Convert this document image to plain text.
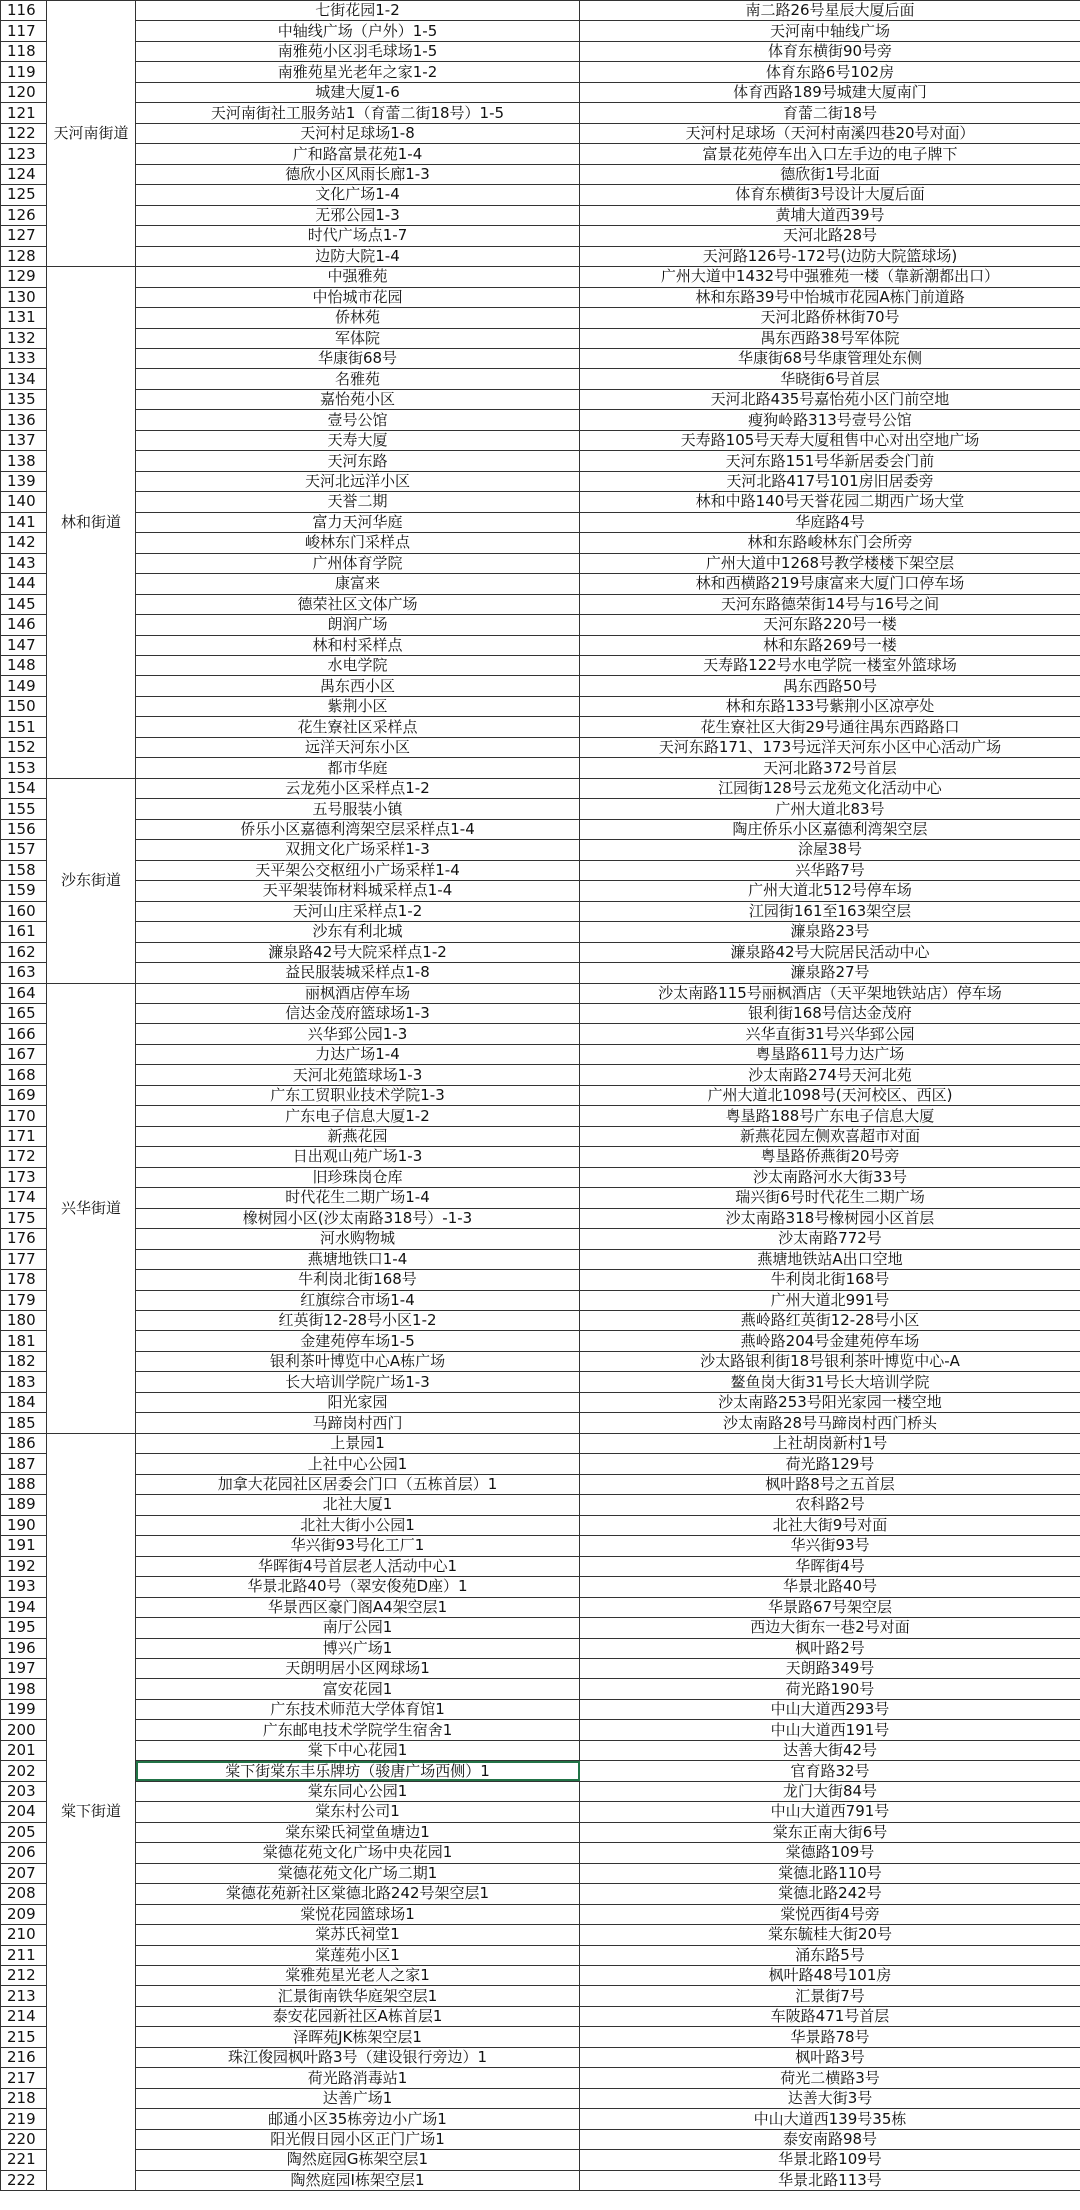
116	天河南街道	七街花园1-2	南二路26号星辰大厦后面
117		中轴线广场（户外）1-5	天河南中轴线广场
118		南雅苑小区羽毛球场1-5	体育东横街90号旁
119		南雅苑星光老年之家1-2	体育东路6号102房
120		城建大厦1-6	体育西路189号城建大厦南门
121		天河南街社工服务站1（育蕾二街18号）1-5	育蕾二街18号
122		天河村足球场1-8	天河村足球场（天河村南溪四巷20号对面）
123		广和路富景花苑1-4	富景花苑停车出入口左手边的电子牌下
124		德欣小区风雨长廊1-3	德欣街1号北面
125		文化广场1-4	体育东横街3号设计大厦后面
126		无邪公园1-3	黄埔大道西39号
127		时代广场点1-7	天河北路28号
128		边防大院1-4	天河路126号-172号(边防大院篮球场)
129	林和街道	中强雅苑	广州大道中1432号中强雅苑一楼（靠新潮都出口）
130		中怡城市花园	林和东路39号中怡城市花园A栋门前道路
131		侨林苑	天河北路侨林街70号
132		军体院	禺东西路38号军体院
133		华康街68号	华康街68号华康管理处东侧
134		名雅苑	华晓街6号首层
135		嘉怡苑小区	天河北路435号嘉怡苑小区门前空地
136		壹号公馆	瘦狗岭路313号壹号公馆
137		天寿大厦	天寿路105号天寿大厦租售中心对出空地广场
138		天河东路	天河东路151号华新居委会门前
139		天河北远洋小区	天河北路417号101房旧居委旁
140		天誉二期	林和中路140号天誉花园二期西广场大堂
141		富力天河华庭	华庭路4号
142		峻林东门采样点	林和东路峻林东门会所旁
143		广州体育学院	广州大道中1268号教学楼楼下架空层
144		康富来	林和西横路219号康富来大厦门口停车场
145		德荣社区文体广场	天河东路德荣街14号与16号之间
146		朗润广场	天河东路220号一楼
147		林和村采样点	林和东路269号一楼
148		水电学院	天寿路122号水电学院一楼室外篮球场
149		禺东西小区	禺东西路50号
150		紫荆小区	林和东路133号紫荆小区凉亭处
151		花生寮社区采样点	花生寮社区大街29号通往禺东西路路口
152		远洋天河东小区	天河东路171、173号远洋天河东小区中心活动广场
153		都市华庭	天河北路372号首层
154	沙东街道	云龙苑小区采样点1-2	江园街128号云龙苑文化活动中心
155		五号服装小镇	广州大道北83号
156		侨乐小区嘉德利湾架空层采样点1-4	陶庄侨乐小区嘉德利湾架空层
157		双拥文化广场采样1-3	涂屋38号
158		天平架公交枢纽小广场采样1-4	兴华路7号
159		天平架装饰材料城采样点1-4	广州大道北512号停车场
160		天河山庄采样点1-2	江园街161至163架空层
161		沙东有利北城	濂泉路23号
162		濂泉路42号大院采样点1-2	濂泉路42号大院居民活动中心
163		益民服装城采样点1-8	濂泉路27号
164	兴华街道	丽枫酒店停车场	沙太南路115号丽枫酒店（天平架地铁站店）停车场
165		信达金茂府篮球场1-3	银利街168号信达金茂府
166		兴华郅公园1-3	兴华直街31号兴华郅公园
167		力达广场1-4	粤垦路611号力达广场
168		天河北苑篮球场1-3	沙太南路274号天河北苑
169		广东工贸职业技术学院1-3	广州大道北1098号(天河校区、西区)
170		广东电子信息大厦1-2	粤垦路188号广东电子信息大厦
171		新燕花园	新燕花园左侧欢喜超市对面
172		日出观山苑广场1-3	粤垦路侨燕街20号旁
173		旧珍珠岗仓库	沙太南路河水大街33号
174		时代花生二期广场1-4	瑞兴街6号时代花生二期广场
175		橡树园小区(沙太南路318号）-1-3	沙太南路318号橡树园小区首层
176		河水购物城	沙太南路772号
177		燕塘地铁口1-4	燕塘地铁站A出口空地
178		牛利岗北街168号	牛利岗北街168号
179		红旗综合市场1-4	广州大道北991号
180		红英街12-28号小区1-2	燕岭路红英街12-28号小区
181		金建苑停车场1-5	燕岭路204号金建苑停车场
182		银利茶叶博览中心A栋广场	沙太路银利街18号银利茶叶博览中心-A
183		长大培训学院广场1-3	鳌鱼岗大街31号长大培训学院
184		阳光家园	沙太南路253号阳光家园一楼空地
185		马蹄岗村西门	沙太南路28号马蹄岗村西门桥头
186	棠下街道	上景园1	上社胡岗新村1号
187		上社中心公园1	荷光路129号
188		加拿大花园社区居委会门口（五栋首层）1	枫叶路8号之五首层
189		北社大厦1	农科路2号
190		北社大街小公园1	北社大街9号对面
191		华兴街93号化工厂1	华兴街93号
192		华晖街4号首层老人活动中心1	华晖街4号
193		华景北路40号（翠安俊苑D座）1	华景北路40号
194		华景西区豪门阁A4架空层1	华景路67号架空层
195		南厅公园1	西边大街东一巷2号对面
196		博兴广场1	枫叶路2号
197		天朗明居小区网球场1	天朗路349号
198		富安花园1	荷光路190号
199		广东技术师范大学体育馆1	中山大道西293号
200		广东邮电技术学院学生宿舍1	中山大道西191号
201		棠下中心花园1	达善大街42号
202		棠下街棠东丰乐牌坊（骏唐广场西侧）1	官育路32号
203		棠东同心公园1	龙门大街84号
204		棠东村公司1	中山大道西791号
205		棠东梁氏祠堂鱼塘边1	棠东正南大街6号
206		棠德花苑文化广场中央花园1	棠德路109号
207		棠德花苑文化广场二期1	棠德北路110号
208		棠德花苑新社区棠德北路242号架空层1	棠德北路242号
209		棠悦花园篮球场1	棠悦西街4号旁
210		棠苏氏祠堂1	棠东毓桂大街20号
211		棠莲苑小区1	涌东路5号
212		棠雅苑星光老人之家1	枫叶路48号101房
213		汇景街南铁华庭架空层1	汇景街7号
214		泰安花园新社区A栋首层1	车陂路471号首层
215		泽晖苑JK栋架空层1	华景路78号
216		珠江俊园枫叶路3号（建设银行旁边）1	枫叶路3号
217		荷光路消毒站1	荷光二横路3号
218		达善广场1	达善大街3号
219		邮通小区35栋旁边小广场1	中山大道西139号35栋
220		阳光假日园小区正门广场1	泰安南路98号
221		陶然庭园G栋架空层1	华景北路109号
222		陶然庭园I栋架空层1	华景北路113号
